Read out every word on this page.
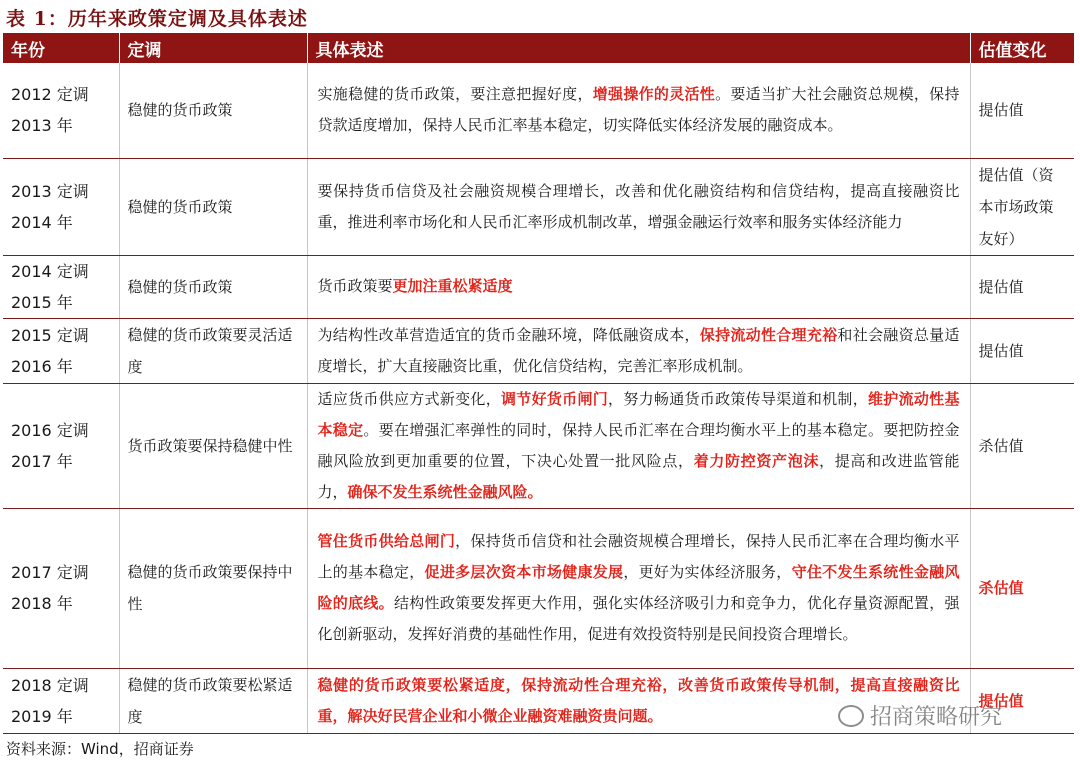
表 1：历年来政策定调及具体表述
年份	定调	具体表述	估值变化

2012 定调
2013 年	稳健的货币政策	实施稳健的货币政策，要注意把握好度，增强操作的灵活性。要适当扩大社会融资总规模，保持贷款适度增加，保持人民币汇率基本稳定，切实降低实体经济发展的融资成本。	提估值

2013 定调
2014 年	稳健的货币政策	要保持货币信贷及社会融资规模合理增长，改善和优化融资结构和信贷结构，提高直接融资比重，推进利率市场化和人民币汇率形成机制改革，增强金融运行效率和服务实体经济能力	提估值（资本市场政策友好）

2014 定调
2015 年	稳健的货币政策	货币政策要更加注重松紧适度	提估值

2015 定调
2016 年	稳健的货币政策要灵活适度	为结构性改革营造适宜的货币金融环境，降低融资成本，保持流动性合理充裕和社会融资总量适度增长，扩大直接融资比重，优化信贷结构，完善汇率形成机制。	提估值

2016 定调
2017 年	货币政策要保持稳健中性	适应货币供应方式新变化，调节好货币闸门，努力畅通货币政策传导渠道和机制，维护流动性基本稳定。要在增强汇率弹性的同时，保持人民币汇率在合理均衡水平上的基本稳定。要把防控金融风险放到更加重要的位置，下决心处置一批风险点，着力防控资产泡沫，提高和改进监管能力，确保不发生系统性金融风险。	杀估值

2017 定调
2018 年	稳健的货币政策要保持中性	管住货币供给总闸门，保持货币信贷和社会融资规模合理增长，保持人民币汇率在合理均衡水平上的基本稳定，促进多层次资本市场健康发展，更好为实体经济服务，守住不发生系统性金融风险的底线。结构性政策要发挥更大作用，强化实体经济吸引力和竞争力，优化存量资源配置，强化创新驱动，发挥好消费的基础性作用，促进有效投资特别是民间投资合理增长。	杀估值

2018 定调
2019 年	稳健的货币政策要松紧适度	稳健的货币政策要松紧适度，保持流动性合理充裕，改善货币政策传导机制，提高直接融资比重，解决好民营企业和小微企业融资难融资贵问题。	提估值
资料来源：Wind，招商证券
招商策略研究
